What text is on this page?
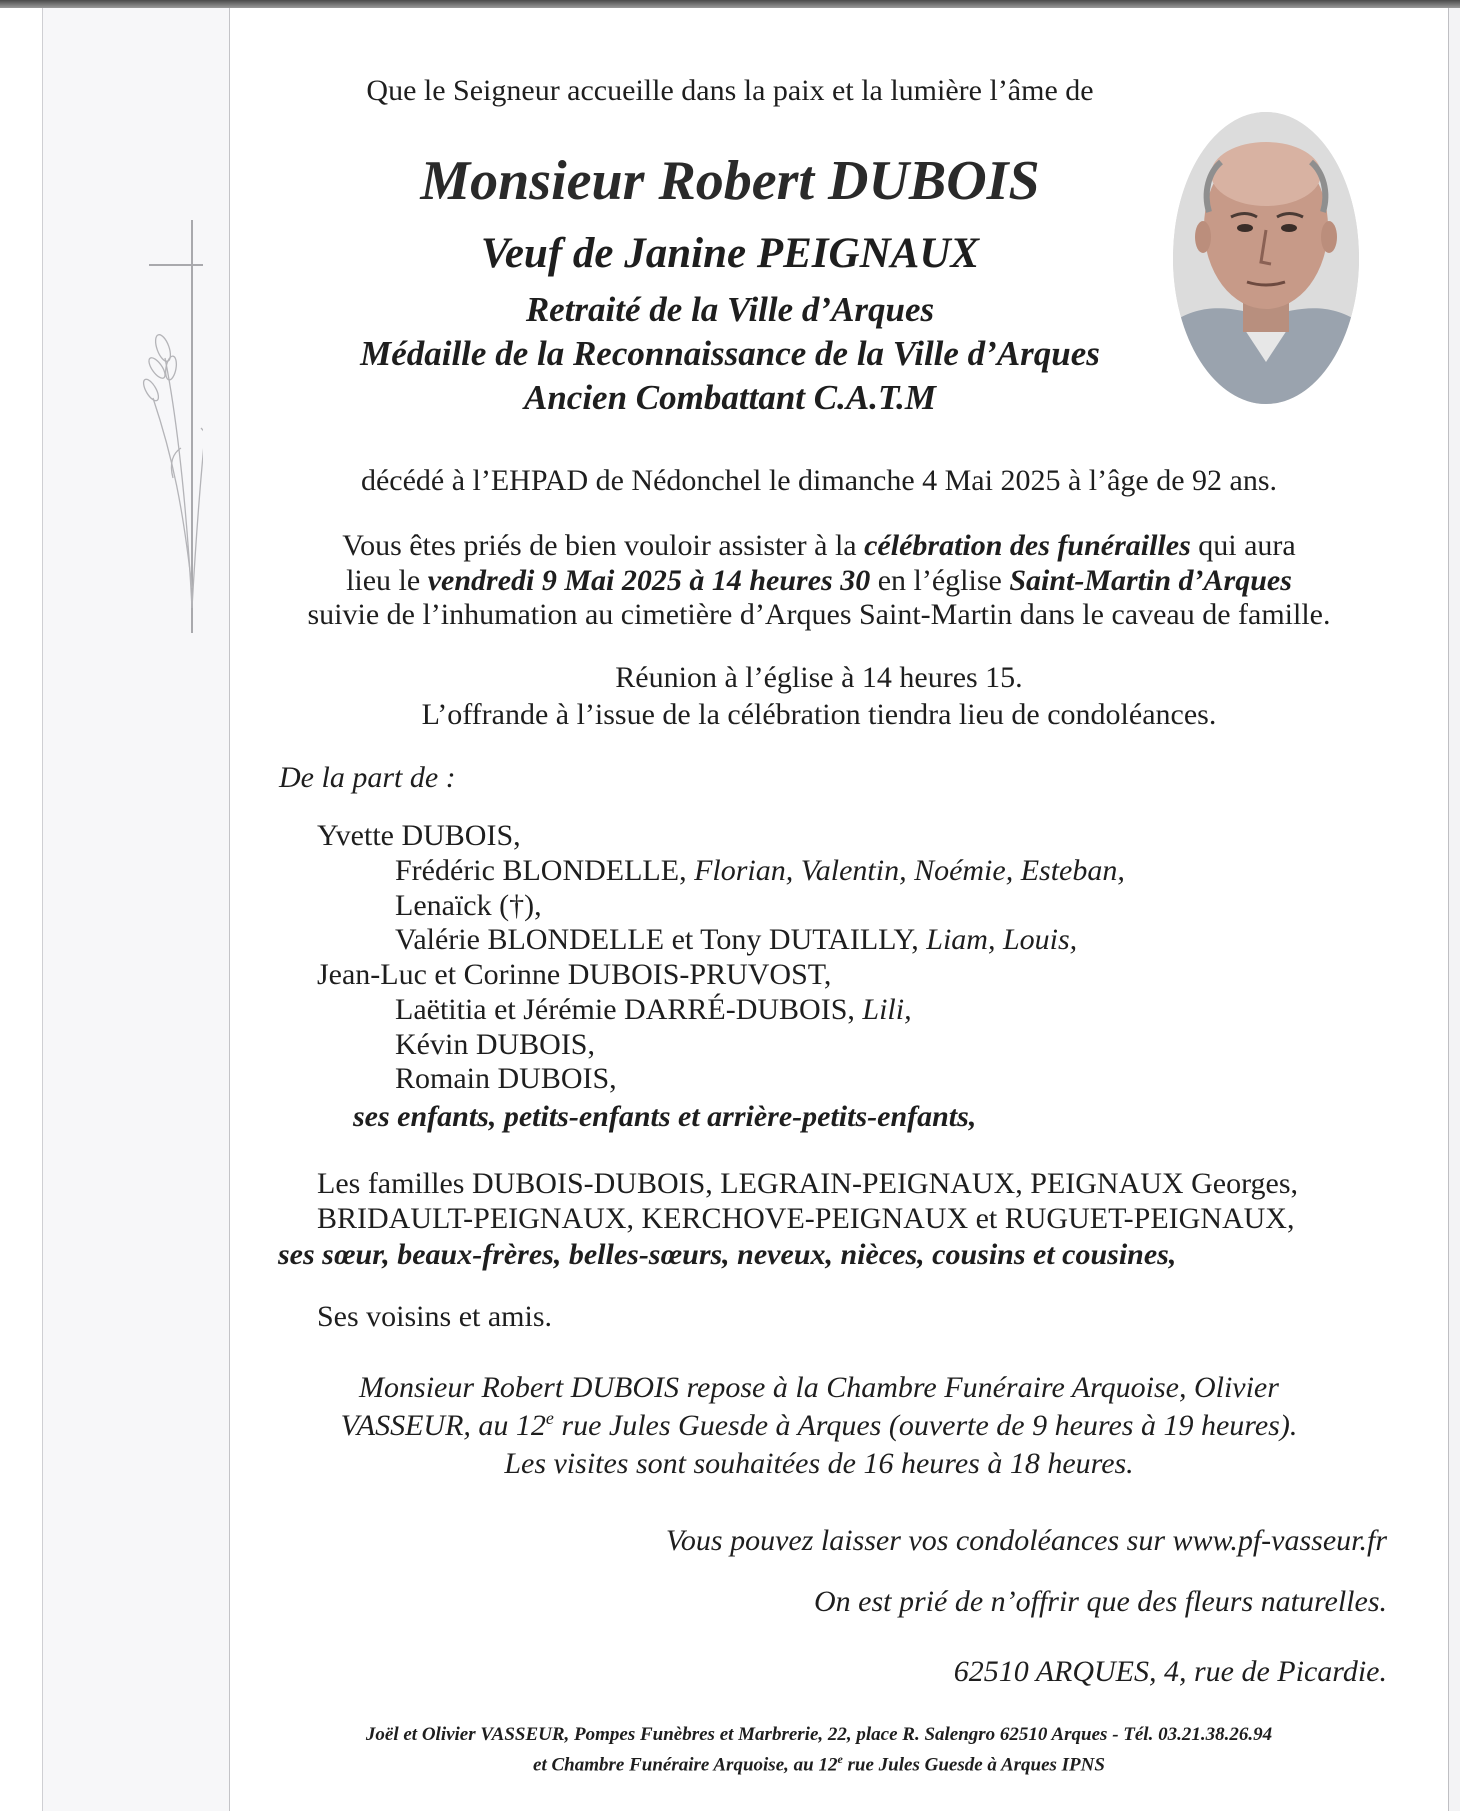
Que le Seigneur accueille dans la paix et la lumière l’âme de
Monsieur Robert DUBOIS
Veuf de Janine PEIGNAUX
Retraité de la Ville d’Arques
Médaille de la Reconnaissance de la Ville d’Arques
Ancien Combattant C.A.T.M
décédé à l’EHPAD de Nédonchel le dimanche 4 Mai 2025 à l’âge de 92 ans.
Vous êtes priés de bien vouloir assister à la célébration des funérailles qui aura
lieu le vendredi 9 Mai 2025 à 14 heures 30 en l’église Saint-Martin d’Arques
suivie de l’inhumation au cimetière d’Arques Saint-Martin dans le caveau de famille.
Réunion à l’église à 14 heures 15.
L’offrande à l’issue de la célébration tiendra lieu de condoléances.
De la part de :
Yvette DUBOIS,
Frédéric BLONDELLE, Florian, Valentin, Noémie, Esteban,
Lenaïck (†),
Valérie BLONDELLE et Tony DUTAILLY, Liam, Louis,
Jean-Luc et Corinne DUBOIS-PRUVOST,
Laëtitia et Jérémie DARRÉ-DUBOIS, Lili,
Kévin DUBOIS,
Romain DUBOIS,
ses enfants, petits-enfants et arrière-petits-enfants,
Les familles DUBOIS-DUBOIS, LEGRAIN-PEIGNAUX, PEIGNAUX Georges,
BRIDAULT-PEIGNAUX, KERCHOVE-PEIGNAUX et RUGUET-PEIGNAUX,
ses sœur, beaux-frères, belles-sœurs, neveux, nièces, cousins et cousines,
Ses voisins et amis.
Monsieur Robert DUBOIS repose à la Chambre Funéraire Arquoise, Olivier
VASSEUR, au 12e rue Jules Guesde à Arques (ouverte de 9 heures à 19 heures).
Les visites sont souhaitées de 16 heures à 18 heures.
Vous pouvez laisser vos condoléances sur www.pf-vasseur.fr
On est prié de n’offrir que des fleurs naturelles.
62510 ARQUES, 4, rue de Picardie.
Joël et Olivier VASSEUR, Pompes Funèbres et Marbrerie, 22, place R. Salengro 62510 Arques - Tél. 03.21.38.26.94
et Chambre Funéraire Arquoise, au 12e rue Jules Guesde à Arques IPNS
